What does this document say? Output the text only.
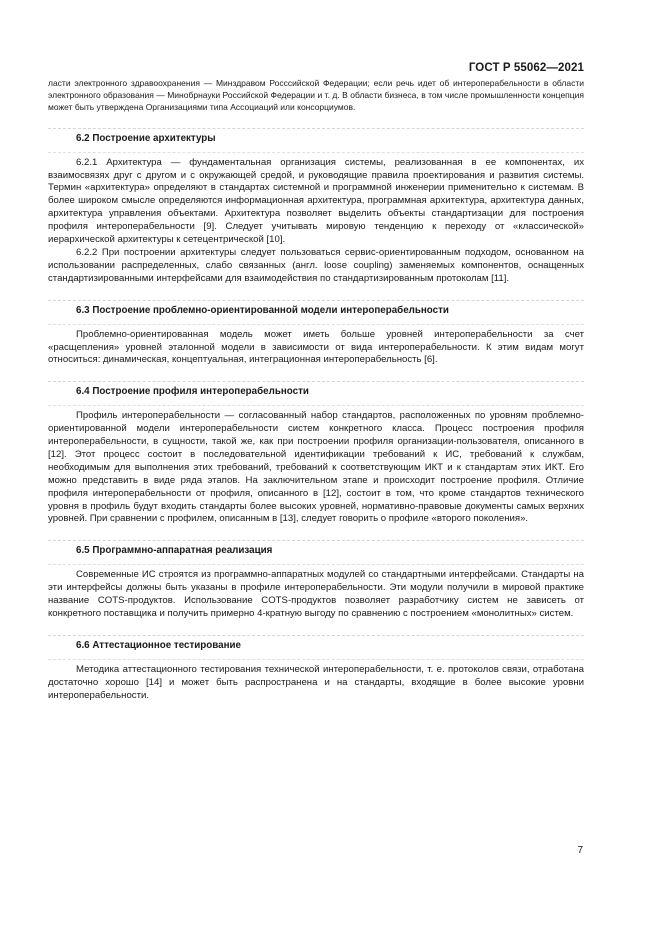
ГОСТ Р 55062—2021

ласти электронного здравоохранения — Минздравом Росссийской Федерации; если речь идет об интероперабельности в области электронного образования — Минобрнауки Российской Федерации и т. д. В области бизнеса, в том числе промышленности концепция может быть утверждена Организациями типа Ассоциаций или консорциумов.

6.2 Построение архитектуры

6.2.1 Архитектура — фундаментальная организация системы, реализованная в ее компонентах, их взаимосвязях друг с другом и с окружающей средой, и руководящие правила проектирования и развития системы. Термин «архитектура» определяют в стандартах системной и программной инженерии применительно к системам. В более широком смысле определяются информационная архитектура, программная архитектура, архитектура данных, архитектура управления объектами. Архитектура позволяет выделить объекты стандартизации для построения профиля интероперабельности [9]. Следует учитывать мировую тенденцию к переходу от «классической» иерархической архитектуры к сетецентрической [10].

6.2.2 При построении архитектуры следует пользоваться сервис-ориентированным подходом, основанном на использовании распределенных, слабо связанных (англ. loose coupling) заменяемых компонентов, оснащенных стандартизированными интерфейсами для взаимодействия по стандартизированным протоколам [11].

6.3 Построение проблемно-ориентированной модели интероперабельности

Проблемно-ориентированная модель может иметь больше уровней интероперабельности за счет «расщепления» уровней эталонной модели в зависимости от вида интероперабельности. К этим видам могут относиться: динамическая, концептуальная, интеграционная интероперабельность [6].

6.4 Построение профиля интероперабельности

Профиль интероперабельности — согласованный набор стандартов, расположенных по уровням проблемно-ориентированной модели интероперабельности систем конкретного класса. Процесс построения профиля интероперабельности, в сущности, такой же, как при построении профиля организации-пользователя, описанного в [12]. Этот процесс состоит в последовательной идентификации требований к ИС, требований к службам, необходимым для выполнения этих требований, требований к соответствующим ИКТ и к стандартам этих ИКТ. Его можно представить в виде ряда этапов. На заключительном этапе и происходит построение профиля. Отличие профиля интероперабельности от профиля, описанного в [12], состоит в том, что кроме стандартов технического уровня в профиль будут входить стандарты более высоких уровней, нормативно-правовые документы самых верхних уровней. При сравнении с профилем, описанным в [13], следует говорить о профиле «второго поколения».

6.5 Программно-аппаратная реализация

Современные ИС строятся из программно-аппаратных модулей со стандартными интерфейсами. Стандарты на эти интерфейсы должны быть указаны в профиле интероперабельности. Эти модули получили в мировой практике название COTS-продуктов. Использование COTS-продуктов позволяет разработчику систем не зависеть от конкретного поставщика и получить примерно 4-кратную выгоду по сравнению с построением «монолитных» систем.

6.6 Аттестационное тестирование

Методика аттестационного тестирования технической интероперабельности, т. е. протоколов связи, отработана достаточно хорошо [14] и может быть распространена и на стандарты, входящие в более высокие уровни интероперабельности.

7
